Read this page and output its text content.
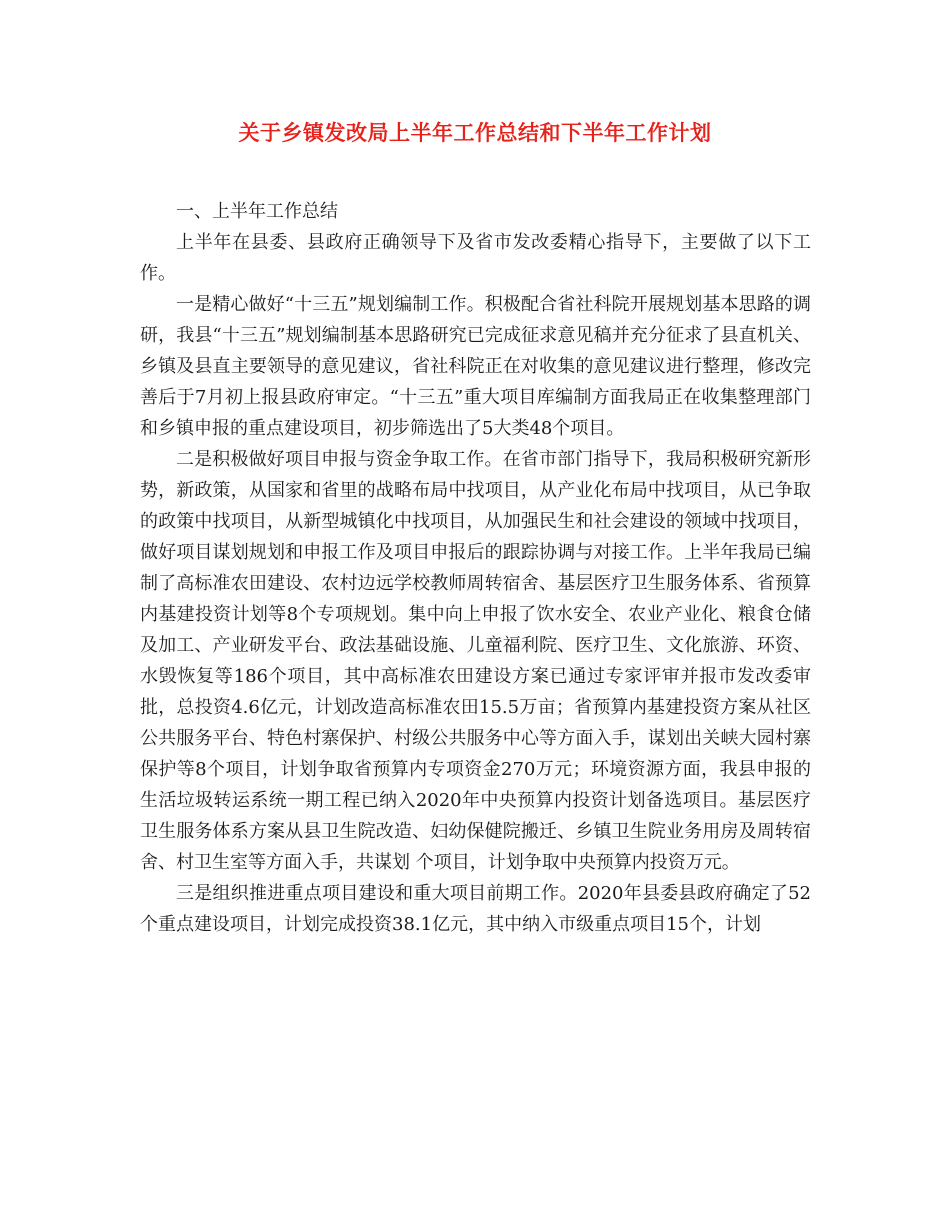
关于乡镇发改局上半年工作总结和下半年工作计划

一、上半年工作总结

上半年在县委、县政府正确领导下及省市发改委精心指导下，主要做了以下工作。

一是精心做好“十三五”规划编制工作。积极配合省社科院开展规划基本思路的调研，我县“十三五”规划编制基本思路研究已完成征求意见稿并充分征求了县直机关、乡镇及县直主要领导的意见建议，省社科院正在对收集的意见建议进行整理，修改完善后于7月初上报县政府审定。“十三五”重大项目库编制方面我局正在收集整理部门和乡镇申报的重点建设项目，初步筛选出了5大类48个项目。

二是积极做好项目申报与资金争取工作。在省市部门指导下，我局积极研究新形势，新政策，从国家和省里的战略布局中找项目，从产业化布局中找项目，从已争取的政策中找项目，从新型城镇化中找项目，从加强民生和社会建设的领域中找项目，做好项目谋划规划和申报工作及项目申报后的跟踪协调与对接工作。上半年我局已编制了高标准农田建设、农村边远学校教师周转宿舍、基层医疗卫生服务体系、省预算内基建投资计划等8个专项规划。集中向上申报了饮水安全、农业产业化、粮食仓储及加工、产业研发平台、政法基础设施、儿童福利院、医疗卫生、文化旅游、环资、水毁恢复等186个项目，其中高标准农田建设方案已通过专家评审并报市发改委审批，总投资4.6亿元，计划改造高标准农田15.5万亩；省预算内基建投资方案从社区公共服务平台、特色村寨保护、村级公共服务中心等方面入手，谋划出关峡大园村寨保护等8个项目，计划争取省预算内专项资金270万元；环境资源方面，我县申报的生活垃圾转运系统一期工程已纳入2020年中央预算内投资计划备选项目。基层医疗卫生服务体系方案从县卫生院改造、妇幼保健院搬迁、乡镇卫生院业务用房及周转宿舍、村卫生室等方面入手，共谋划 个项目，计划争取中央预算内投资万元。

三是组织推进重点项目建设和重大项目前期工作。2020年县委县政府确定了52个重点建设项目，计划完成投资38.1亿元，其中纳入市级重点项目15个，计划
